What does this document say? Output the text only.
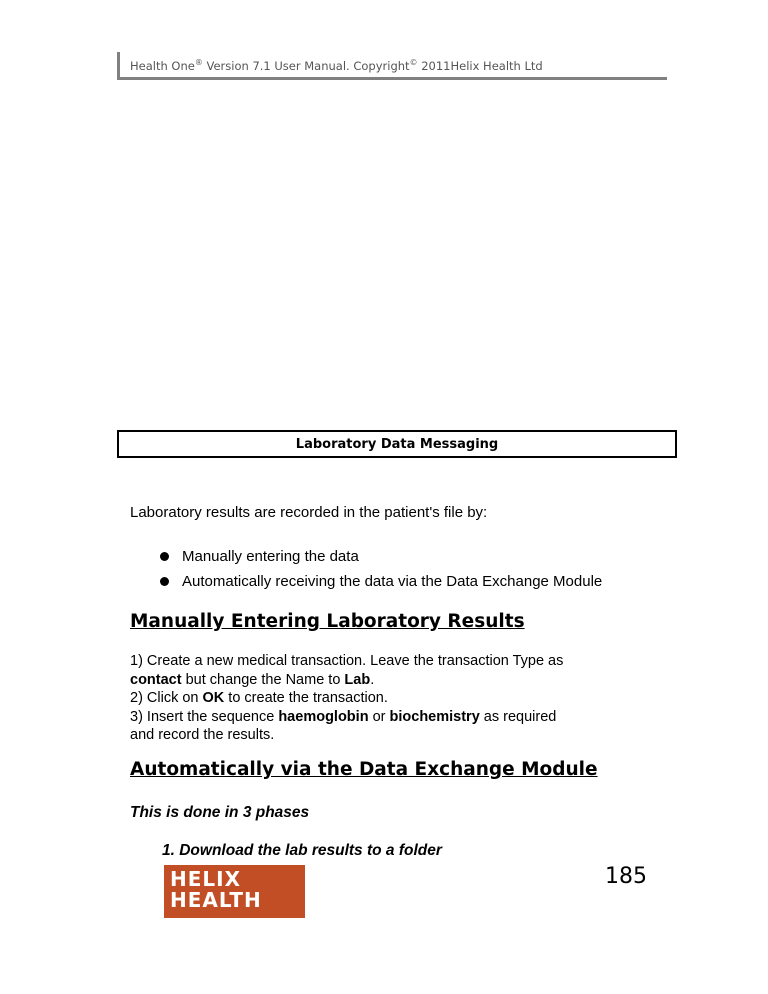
Health One® Version 7.1 User Manual. Copyright© 2011Helix Health Ltd
Laboratory Data Messaging
Laboratory results are recorded in the patient's file by:
Manually entering the data
Automatically receiving the data via the Data Exchange Module
Manually Entering Laboratory Results
1) Create a new medical transaction. Leave the transaction Type as
contact but change the Name to Lab.
2) Click on OK to create the transaction.
3) Insert the sequence haemoglobin or biochemistry as required
and record the results.
Automatically via the Data Exchange Module
This is done in 3 phases
1. Download the lab results to a folder
HELIX
HEALTH
185
